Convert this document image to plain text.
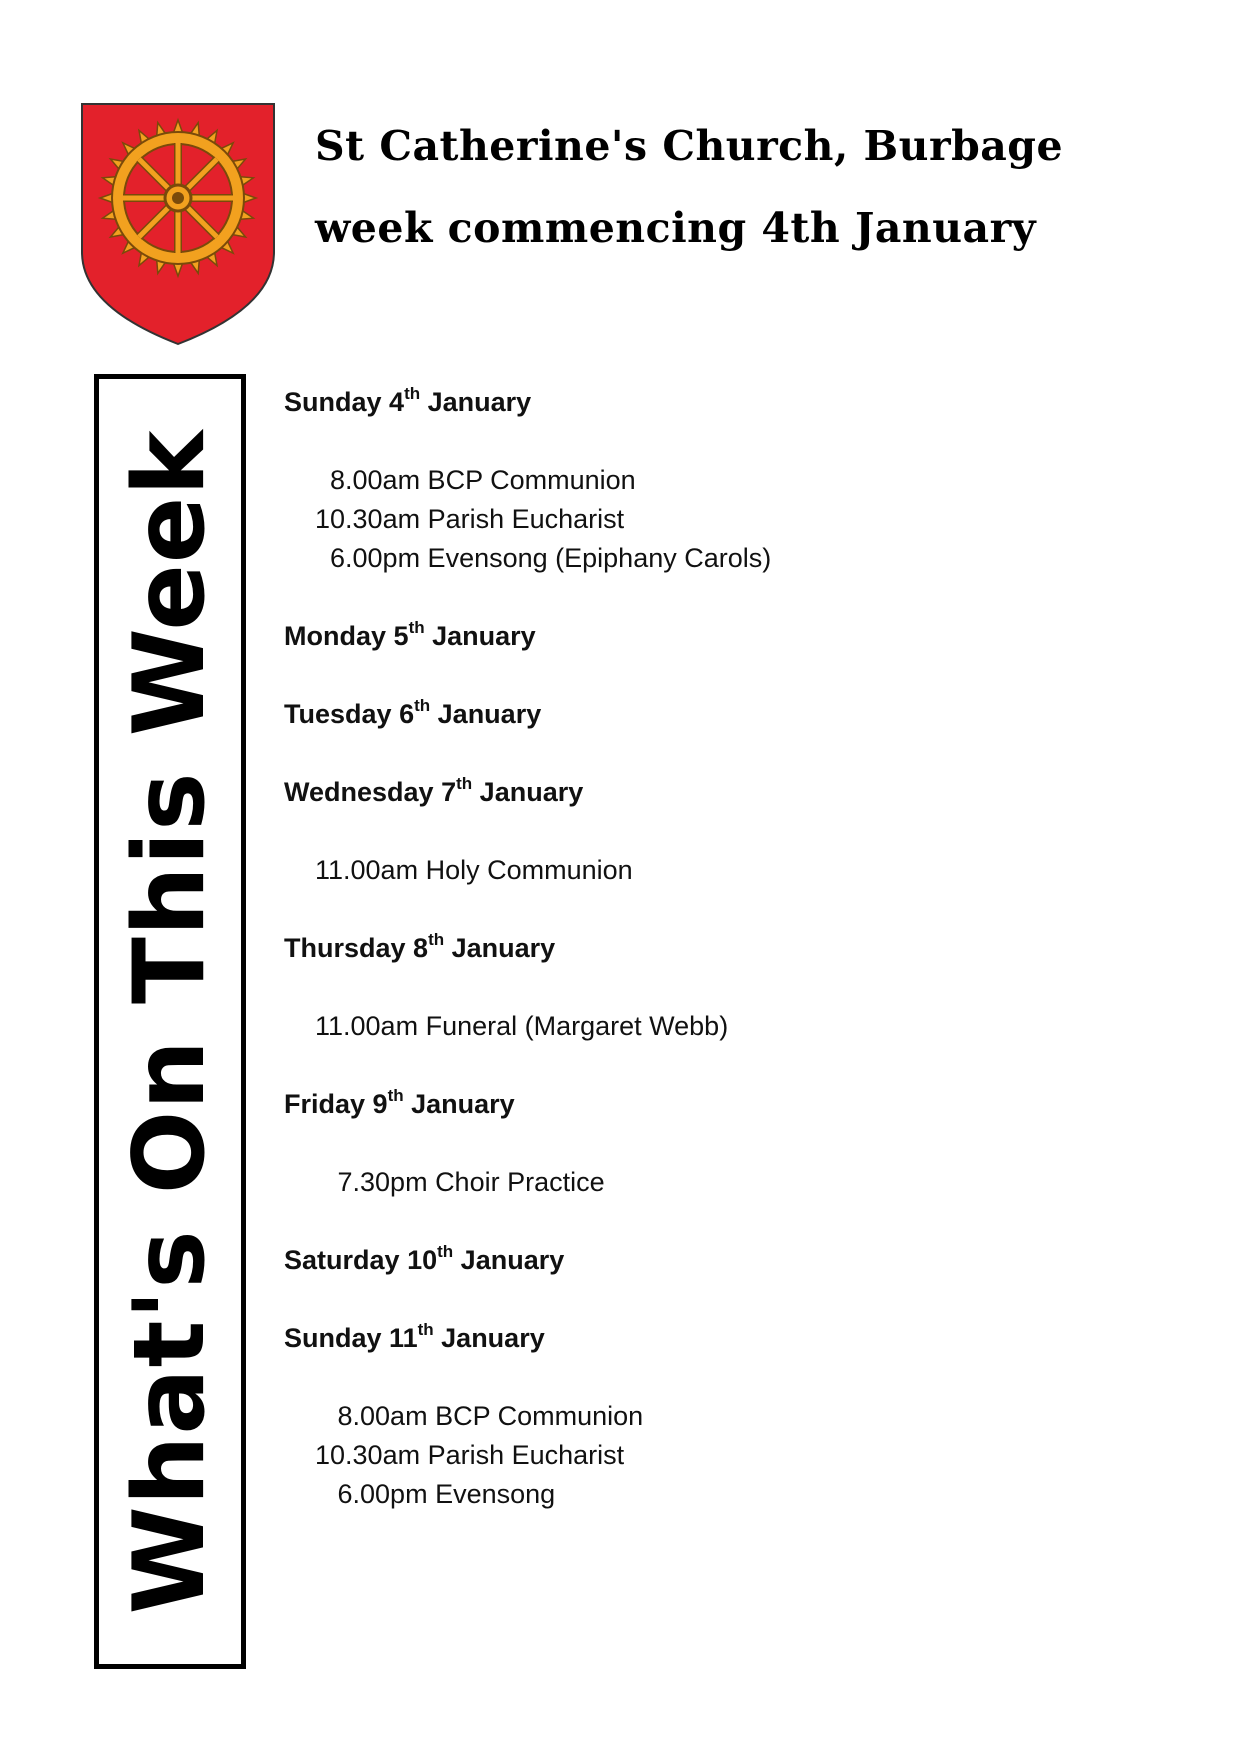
St Catherine's Church, Burbage
week commencing 4th January
What's On This Week
Sunday 4th January
8.00am BCP Communion
10.30am Parish Eucharist
6.00pm Evensong (Epiphany Carols)
Monday 5th January
Tuesday 6th January
Wednesday 7th January
11.00am Holy Communion
Thursday 8th January
11.00am Funeral (Margaret Webb)
Friday 9th January
7.30pm Choir Practice
Saturday 10th January
Sunday 11th January
8.00am BCP Communion
10.30am Parish Eucharist
6.00pm Evensong
